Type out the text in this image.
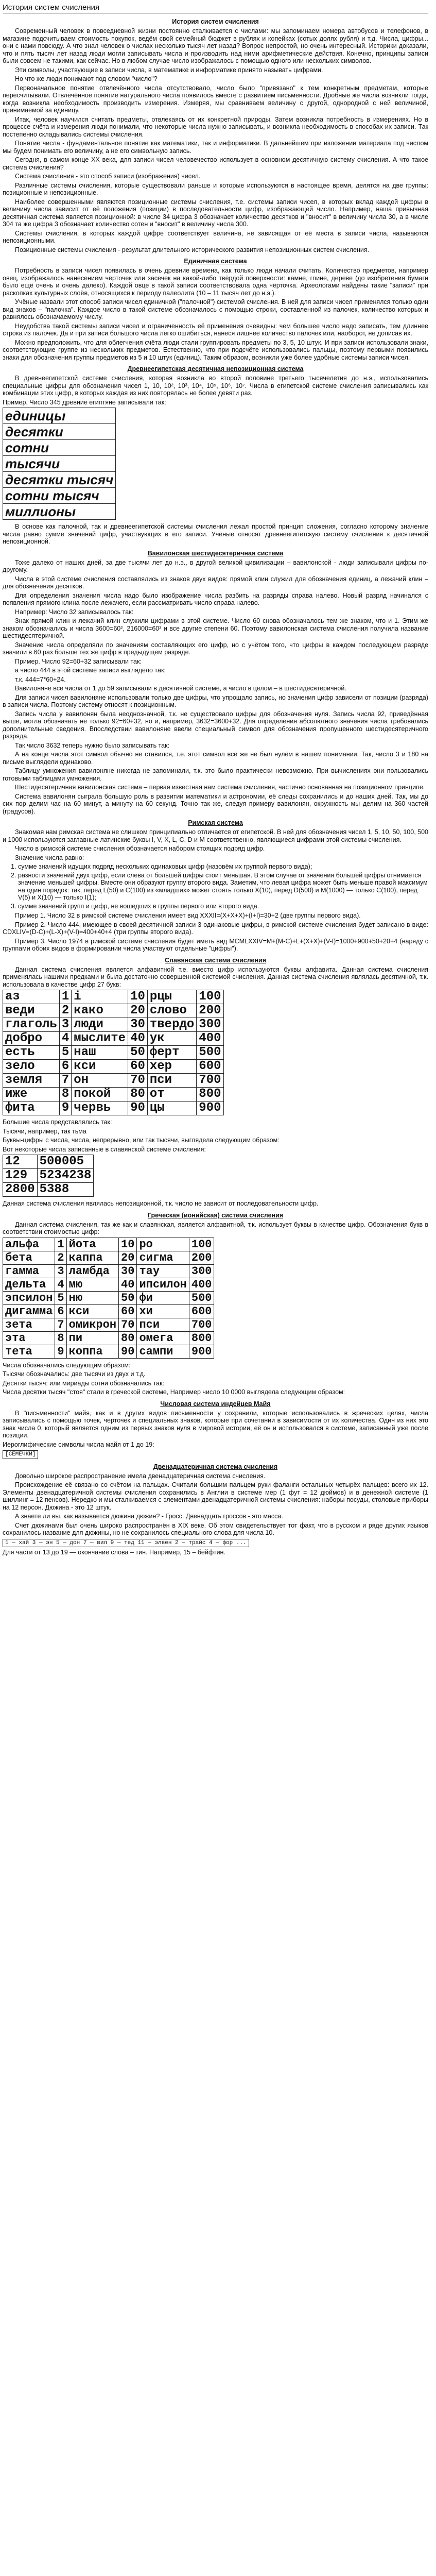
История систем счисления
История систем счисления

Современный человек в повседневной жизни постоянно сталкивается с числами: мы запоминаем номера автобусов и телефонов, в магазине подсчитываем стоимость покупок, ведём свой семейный бюджет в рублях и копейках (сотых долях рубля) и т.д. Числа, цифры... они с нами повсюду. А что знал человек о числах несколько тысяч лет назад? Вопрос непростой, но очень интересный. Историки доказали, что и пять тысяч лет назад люди могли записывать числа и производить над ними арифметические действия. Конечно, принципы записи были совсем не такими, как сейчас. Но в любом случае число изображалось с помощью одного или нескольких символов.

Эти символы, участвующие в записи числа, в математике и информатике принято называть цифрами.

Но что же люди понимают под словом "число"?

Первоначальное понятие отвлечённого числа отсутствовало, число было "привязано" к тем конкретным предметам, которые пересчитывали. Отвлечённое понятие натурального числа появилось вместе с развитием письменности. Дробные же числа возникли тогда, когда возникла необходимость производить измерения. Измеряя, мы сравниваем величину с другой, однородной с ней величиной, принимаемой за единицу.

Итак, человек научился считать предметы, отвлекаясь от их конкретной природы. Затем возникла потребность в измерениях. Но в процессе счёта и измерения люди понимали, что некоторые числа нужно записывать, и возникла необходимость в способах их записи. Так постепенно складывались системы счисления.

Понятие числа - фундаментальное понятие как математики, так и информатики. В дальнейшем при изложении материала под числом мы будем понимать его величину, а не его символьную запись.

Сегодня, в самом конце XX века, для записи чисел человечество использует в основном десятичную систему счисления. А что такое система счисления?

Система счисления - это способ записи (изображения) чисел.

Различные системы счисления, которые существовали раньше и которые используются в настоящее время, делятся на две группы: позиционные и непозиционные.

Наиболее совершенными являются позиционные системы счисления, т.е. системы записи чисел, в которых вклад каждой цифры в величину числа зависит от её положения (позиции) в последовательности цифр, изображающей число. Например, наша привычная десятичная система является позиционной: в числе 34 цифра 3 обозначает количество десятков и "вносит" в величину числа 30, а в числе 304 та же цифра 3 обозначает количество сотен и "вносит" в величину числа 300.

Системы счисления, в которых каждой цифре соответствует величина, не зависящая от её места в записи числа, называются непозиционными.

Позиционные системы счисления - результат длительного исторического развития непозиционных систем счисления.

Единичная система

Потребность в записи чисел появилась в очень древние времена, как только люди начали считать. Количество предметов, например овец, изображалось нанесением чёрточек или засечек на какой-либо твёрдой поверхности: камне, глине, дереве (до изобретения бумаги было ещё очень и очень далеко). Каждой овце в такой записи соответствовала одна чёрточка. Археологами найдены такие "записи" при раскопках культурных слоёв, относящихся к периоду палеолита (10 – 11 тысяч лет до н.э.).

Учёные назвали этот способ записи чисел единичной ("палочной") системой счисления. В ней для записи чисел применялся только один вид знаков – "палочка". Каждое число в такой системе обозначалось с помощью строки, составленной из палочек, количество которых и равнялось обозначаемому числу.

Неудобства такой системы записи чисел и ограниченность её применения очевидны: чем большее число надо записать, тем длиннее строка из палочек. Да и при записи большого числа легко ошибиться, нанеся лишнее количество палочек или, наоборот, не дописав их.

Можно предположить, что для облегчения счёта люди стали группировать предметы по 3, 5, 10 штук. И при записи использовали знаки, соответствующие группе из нескольких предметов. Естественно, что при подсчёте использовались пальцы, поэтому первыми появились знаки для обозначения группы предметов из 5 и 10 штук (единиц). Таким образом, возникли уже более удобные системы записи чисел.

Древнеегипетская десятичная непозиционная система

В древнеегипетской системе счисления, которая возникла во второй половине третьего тысячелетия до н.э., использовались специальные цифры для обозначения чисел 1, 10, 10², 10³, 10⁴, 10⁵, 10⁶, 10⁷. Числа в египетской системе счисления записывались как комбинации этих цифр, в которых каждая из них повторялась не более девяти раз.

Пример. Число 345 древние египтяне записывали так:

единицы
десятки
сотни
тысячи
десятки тысяч
сотни тысяч
миллионы

В основе как палочной, так и древнеегипетской системы счисления лежал простой принцип сложения, согласно которому значение числа равно сумме значений цифр, участвующих в его записи. Учёные относят древнеегипетскую систему счисления к десятичной непозиционной.

Вавилонская шестидесятеричная система

Тоже далеко от наших дней, за две тысячи лет до н.э., в другой великой цивилизации – вавилонской - люди записывали цифры по-другому.

Числа в этой системе счисления составлялись из знаков двух видов: прямой клин служил для обозначения единиц, а лежачий клин – для обозначения десятков.

Для определения значения числа надо было изображение числа разбить на разряды справа налево. Новый разряд начинался с появления прямого клина после лежачего, если рассматривать число справа налево.

Например: Число 32 записывалось так:

Знак прямой клин и лежачий клин служили цифрами в этой системе. Число 60 снова обозначалось тем же знаком, что и 1. Этим же знаком обозначались и числа 3600=60², 216000=60³ и все другие степени 60. Поэтому вавилонская система счисления получила название шестидесятеричной.

Значение числа определяли по значениям составляющих его цифр, но с учётом того, что цифры в каждом последующем разряде значили в 60 раз больше тех же цифр в предыдущем разряде.

Пример. Число 92=60+32 записывали так:

а число 444 в этой системе записи выглядело так:

т.к. 444=7*60+24.

Вавилоняне все числа от 1 до 59 записывали в десятичной системе, а число в целом – в шестидесятеричной.

Для записи чисел вавилоняне использовали только две цифры, что упрощало запись, но значения цифр зависели от позиции (разряда) в записи числа. Поэтому систему относят к позиционным.

Запись числа у вавилонян была неоднозначной, т.к. не существовало цифры для обозначения нуля. Запись числа 92, приведённая выше, могла обозначать не только 92=60+32, но и, например, 3632=3600+32. Для определения абсолютного значения числа требовались дополнительные сведения. Впоследствии вавилоняне ввели специальный символ для обозначения пропущенного шестидесятеричного разряда.

Так число 3632 теперь нужно было записывать так:

А на конце числа этот символ обычно не ставился, т.е. этот символ всё же не был нулём в нашем понимании. Так, число 3 и 180 на письме выглядели одинаково.

Таблицу умножения вавилоняне никогда не запоминали, т.к. это было практически невозможно. При вычислениях они пользовались готовыми таблицами умножения.

Шестидесятеричная вавилонская система – первая известная нам система счисления, частично основанная на позиционном принципе.

Система вавилонян сыграла большую роль в развитии математики и астрономии, её следы сохранились и до наших дней. Так, мы до сих пор делим час на 60 минут, а минуту на 60 секунд. Точно так же, следуя примеру вавилонян, окружность мы делим на 360 частей (градусов).

Римская система

Знакомая нам римская система не слишком принципиально отличается от египетской. В ней для обозначения чисел 1, 5, 10, 50, 100, 500 и 1000 используются заглавные латинские буквы I, V, X, L, C, D и M соответственно, являющиеся цифрами этой системы счисления.

Число в римской системе счисления обозначается набором стоящих подряд цифр.

Значение числа равно:

1. сумме значений идущих подряд нескольких одинаковых цифр (назовём их группой первого вида);
2. разности значений двух цифр, если слева от большей цифры стоит меньшая. В этом случае от значения большей цифры отнимается значение меньшей цифры. Вместе они образуют группу второго вида. Заметим, что левая цифра может быть меньше правой максимум на один порядок: так, перед L(50) и C(100) из «младших» может стоять только X(10), перед D(500) и M(1000) — только C(100), перед V(5) и X(10) — только I(1);
3. сумме значений групп и цифр, не вошедших в группы первого или второго вида.

Пример 1. Число 32 в римской системе счисления имеет вид XXXII=(X+X+X)+(I+I)=30+2 (две группы первого вида).

Пример 2. Число 444, имеющее в своей десятичной записи 3 одинаковые цифры, в римской системе счисления будет записано в виде: CDXLIV=(D-C)+(L-X)+(V-I)=400+40+4 (три группы второго вида).

Пример 3. Число 1974 в римской системе счисления будет иметь вид MCMLXXIV=M+(M-C)+L+(X+X)+(V-I)=1000+900+50+20+4 (наряду с группами обоих видов в формировании числа участвуют отдельные "цифры").

Славянская система счисления

Данная система счисления является алфавитной т.е. вместо цифр используются буквы алфавита. Данная система счисления применялась нашими предками и была достаточно совершенной системой счисления. Данная система счисления являлась десятичной, т.к. использовала в качестве цифр 27 букв:

аз	1	i	10	рцы	100
веди	2	како	20	слово	200
глаголь	3	люди	30	твердо	300
добро	4	мыслите	40	ук	400
есть	5	наш	50	ферт	500
зело	6	кси	60	хер	600
земля	7	он	70	пси	700
иже	8	покой	80	от	800
фита	9	червь	90	цы	900

Большие числа представлялись так:

Тысячи, например, так тьма

Буквы-цифры с числа, числа, непрерывно, или так тысячи, выглядела следующим образом:

Вот некоторые числа записанные в славянской системе счисления:

12	500005
129	5234238
2800	5388

Данная система счисления являлась непозиционной, т.к. число не зависит от последовательности цифр.

Греческая (ионийская) система счисления

Данная система счисления, так же как и славянская, является алфавитной, т.к. использует буквы в качестве цифр. Обозначения букв в соответствии стоимостью цифр:

альфа	1	йота	10	ро	100
бета	2	каппа	20	сигма	200
гамма	3	ламбда	30	тау	300
дельта	4	мю	40	ипсилон	400
эпсилон	5	ню	50	фи	500
дигамма	6	кси	60	хи	600
зета	7	омикрон	70	пси	700
эта	8	пи	80	омега	800
тета	9	коппа	90	сампи	900

Числа обозначались следующим образом:

Тысячи обозначались: две тысячи из двух и т.д.

Десятки тысяч: или мириады сотни обозначались так:

Числа десятки тысяч "стоя" стали в греческой системе, Например число 10 0000 выглядела следующим образом:

Числовая система индейцев Майя

В "письменности" майя, как и в других видов письменности у сохранили, которые использовались в жреческих целях, числа записывались с помощью точек, черточек и специальных знаков, которые при сочетании в зависимости от их количества. Один из них это знак числа 0, который является одним из первых знаков нуля в мировой истории, её он и использовался в системе, записанный уже после позиции.

Иероглифические символы числа майя от 1 до 19:

[СЕМЕЧКИ]

Двенадцатеричная система счисления

Довольно широкое распространение имела двенадцатеричная система счисления.

Происхождение её связано со счётом на пальцах. Считали большим пальцем руки фаланги остальных четырёх пальцев: всего их 12. Элементы двенадцатеричной системы счисления сохранились в Англии в системе мер (1 фут = 12 дюймов) и в денежной системе (1 шиллинг = 12 пенсов). Нередко и мы сталкиваемся с элементами двенадцатеричной системы счисления: наборы посуды, столовые приборы на 12 персон. Дюжина - это 12 штук.

А знаете ли вы, как называется дюжина дюжин? - Гросс. Двенадцать гроссов - это масса.

Счет дюжинами был очень широко распространён в XIX веке. Об этом свидетельствует тот факт, что в русском и ряде других языков сохранилось название для дюжины, но не сохранилось специального слова для числа 10.

1 — хай 3 — эн 5 — дон 7 — вил 9 — тед 11 — элвен 2 — трайс 4 — фор ...

Для части от 13 до 19 — окончание слова – тин. Например, 15 – бейфтин.
